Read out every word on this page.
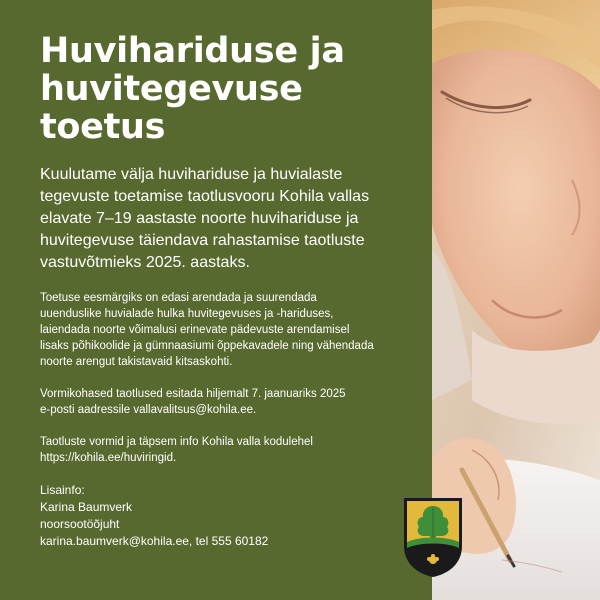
Huvihariduse ja
huvitegevuse
toetus

Kuulutame välja huvihariduse ja huvialaste
tegevuste toetamise taotlusvooru Kohila vallas
elavate 7–19 aastaste noorte huvihariduse ja
huvitegevuse täiendava rahastamise taotluste
vastuvõtmieks 2025. aastaks.

Toetuse eesmärgiks on edasi arendada ja suurendada
uuenduslike huvialade hulka huvitegevuses ja -hariduses,
laiendada noorte võimalusi erinevate pädevuste arendamisel
lisaks põhikoolide ja gümnaasiumi õppekavadele ning vähendada
noorte arengut takistavaid kitsaskohti.

Vormikohased taotlused esitada hiljemalt 7. jaanuariks 2025
e-posti aadressile vallavalitsus@kohila.ee.

Taotluste vormid ja täpsem info Kohila valla kodulehel
https://kohila.ee/huviringid.

Lisainfo:
Karina Baumverk
noorsootöõjuht
karina.baumverk@kohila.ee, tel 555 60182
